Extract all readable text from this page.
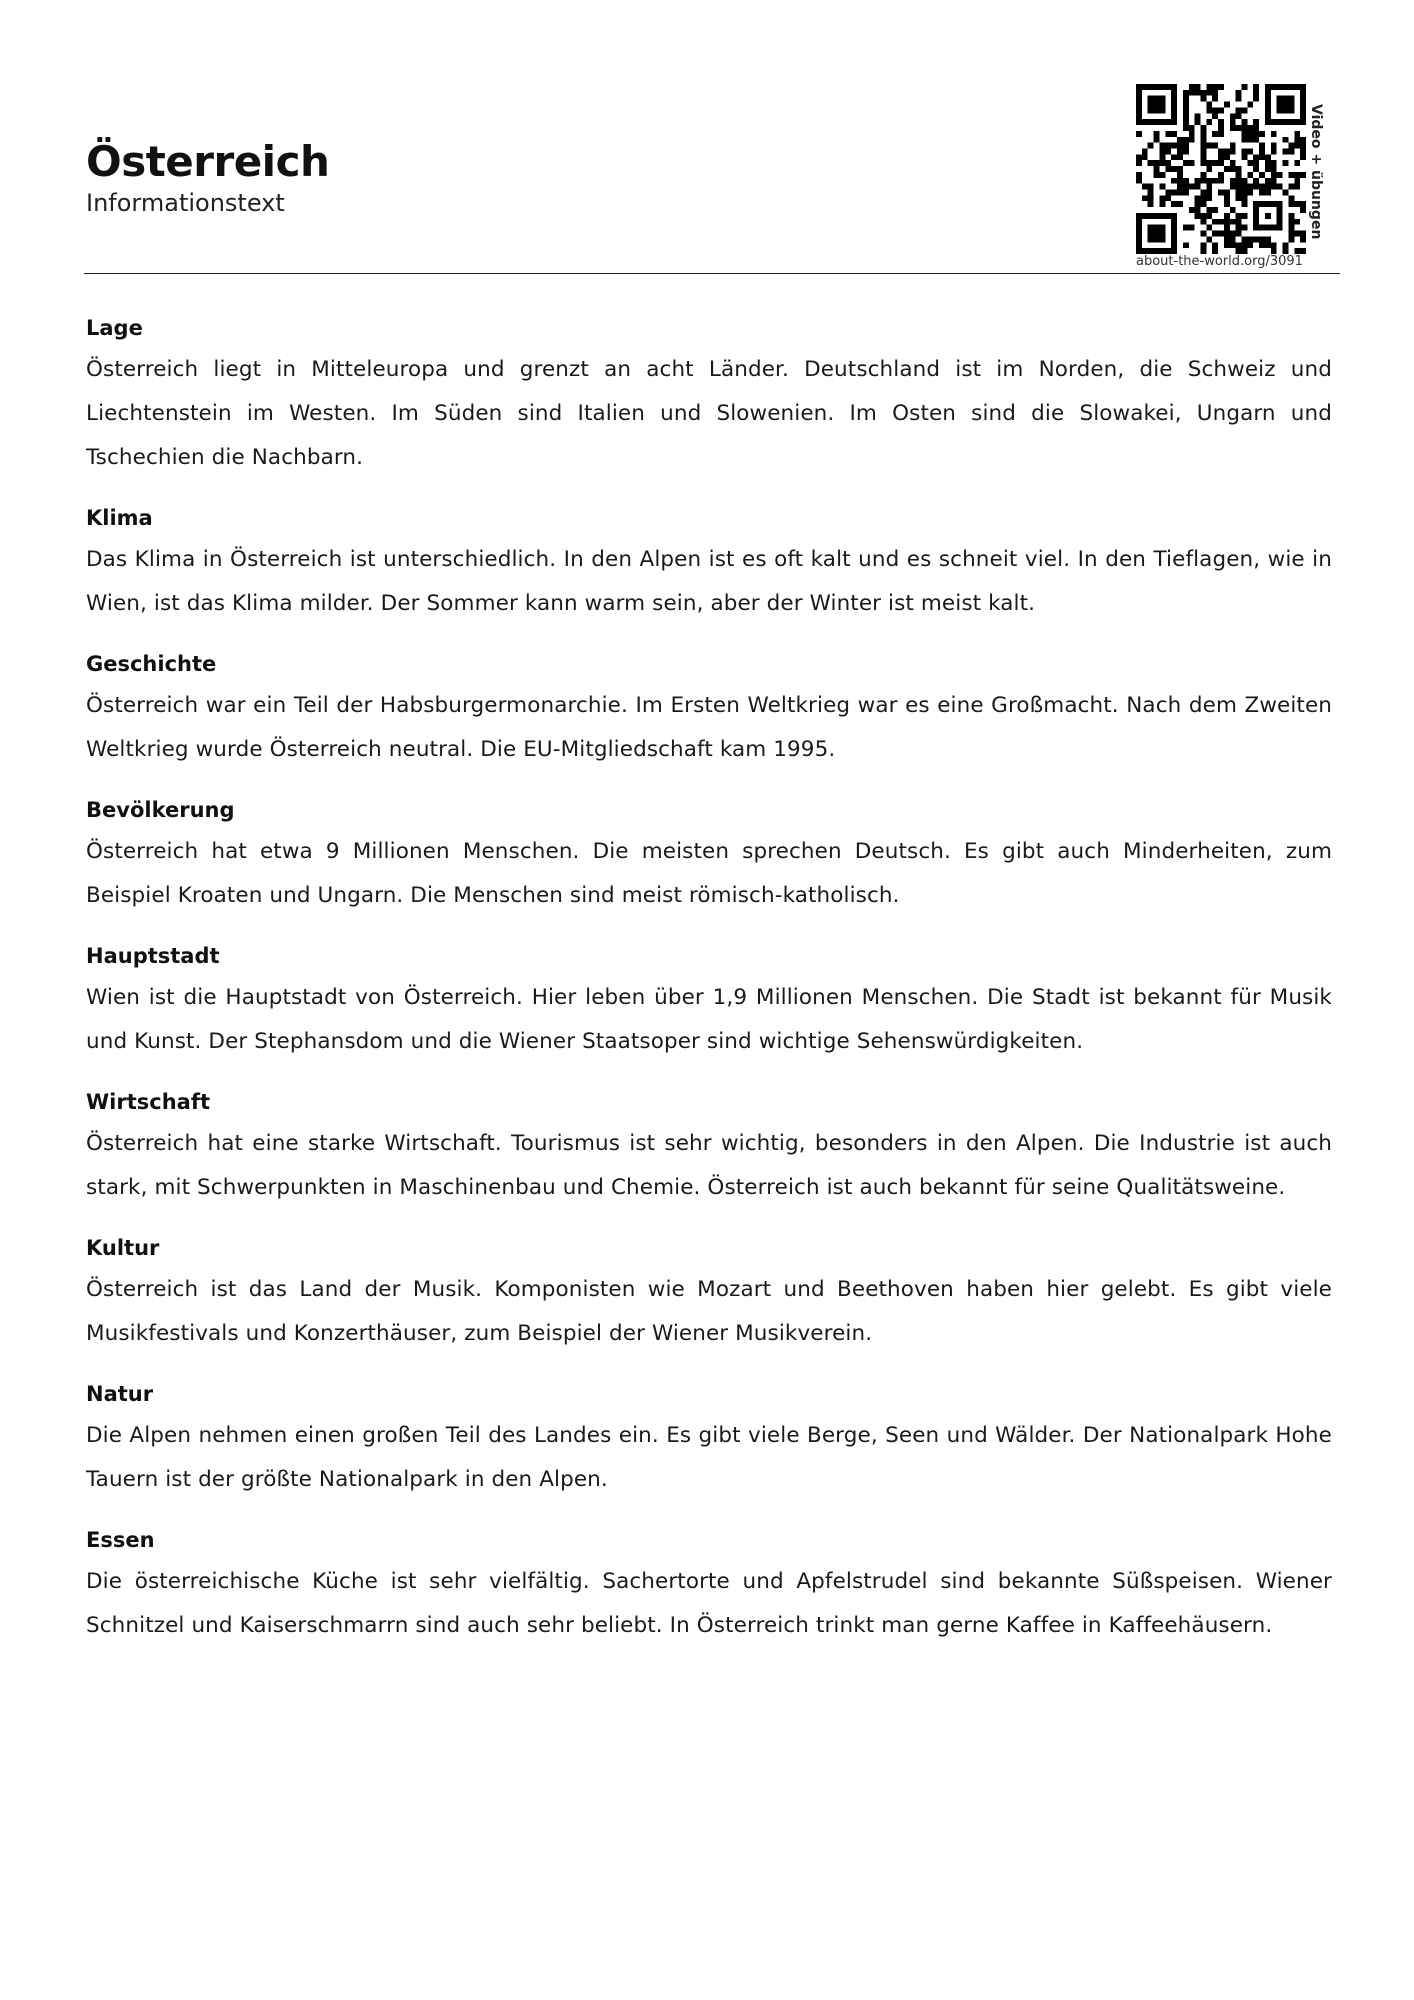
Österreich

Informationstext	Video + übungen
about-the-world.org/3091
Lage

Österreich liegt in Mitteleuropa und grenzt an acht Länder. Deutschland ist im Norden, die Schweiz und Liechtenstein im Westen. Im Süden sind Italien und Slowenien. Im Osten sind die Slowakei, Ungarn und Tschechien die Nachbarn.

Klima

Das Klima in Österreich ist unterschiedlich. In den Alpen ist es oft kalt und es schneit viel. In den Tieflagen, wie in Wien, ist das Klima milder. Der Sommer kann warm sein, aber der Winter ist meist kalt.

Geschichte

Österreich war ein Teil der Habsburgermonarchie. Im Ersten Weltkrieg war es eine Großmacht. Nach dem Zweiten Weltkrieg wurde Österreich neutral. Die EU-Mitgliedschaft kam 1995.

Bevölkerung

Österreich hat etwa 9 Millionen Menschen. Die meisten sprechen Deutsch. Es gibt auch Minderheiten, zum Beispiel Kroaten und Ungarn. Die Menschen sind meist römisch-katholisch.

Hauptstadt

Wien ist die Hauptstadt von Österreich. Hier leben über 1,9 Millionen Menschen. Die Stadt ist bekannt für Musik und Kunst. Der Stephansdom und die Wiener Staatsoper sind wichtige Sehenswürdigkeiten.

Wirtschaft

Österreich hat eine starke Wirtschaft. Tourismus ist sehr wichtig, besonders in den Alpen. Die Industrie ist auch stark, mit Schwerpunkten in Maschinenbau und Chemie. Österreich ist auch bekannt für seine Qualitätsweine.

Kultur

Österreich ist das Land der Musik. Komponisten wie Mozart und Beethoven haben hier gelebt. Es gibt viele Musikfestivals und Konzerthäuser, zum Beispiel der Wiener Musikverein.

Natur

Die Alpen nehmen einen großen Teil des Landes ein. Es gibt viele Berge, Seen und Wälder. Der Nationalpark Hohe Tauern ist der größte Nationalpark in den Alpen.

Essen

Die österreichische Küche ist sehr vielfältig. Sachertorte und Apfelstrudel sind bekannte Süßspeisen. Wiener Schnitzel und Kaiserschmarrn sind auch sehr beliebt. In Österreich trinkt man gerne Kaffee in Kaffeehäusern.
